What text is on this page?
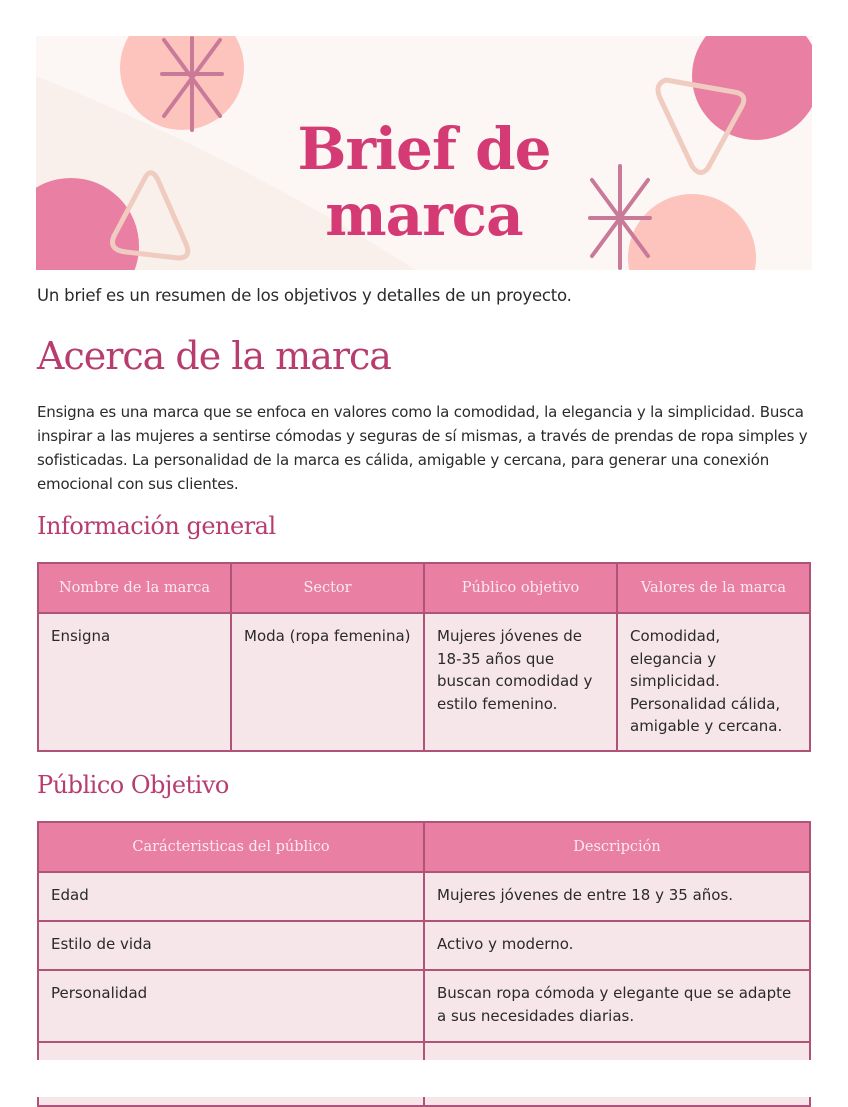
Brief de
marca
Un brief es un resumen de los objetivos y detalles de un proyecto.
Acerca de la marca
Ensigna es una marca que se enfoca en valores como la comodidad, la elegancia y la simplicidad. Busca inspirar a las mujeres a sentirse cómodas y seguras de sí mismas, a través de prendas de ropa simples y sofisticadas. La personalidad de la marca es cálida, amigable y cercana, para generar una conexión emocional con sus clientes.
Información general
Nombre de la marca	Sector	Público objetivo	Valores de la marca
Ensigna	Moda (ropa femenina)	Mujeres jóvenes de 18-35 años que buscan comodidad y estilo femenino.	Comodidad, elegancia y simplicidad. Personalidad cálida, amigable y cercana.
Público Objetivo
Carácteristicas del público	Descripción
Edad	Mujeres jóvenes de entre 18 y 35 años.
Estilo de vida	Activo y moderno.
Personalidad	Buscan ropa cómoda y elegante que se adapte a sus necesidades diarias.
